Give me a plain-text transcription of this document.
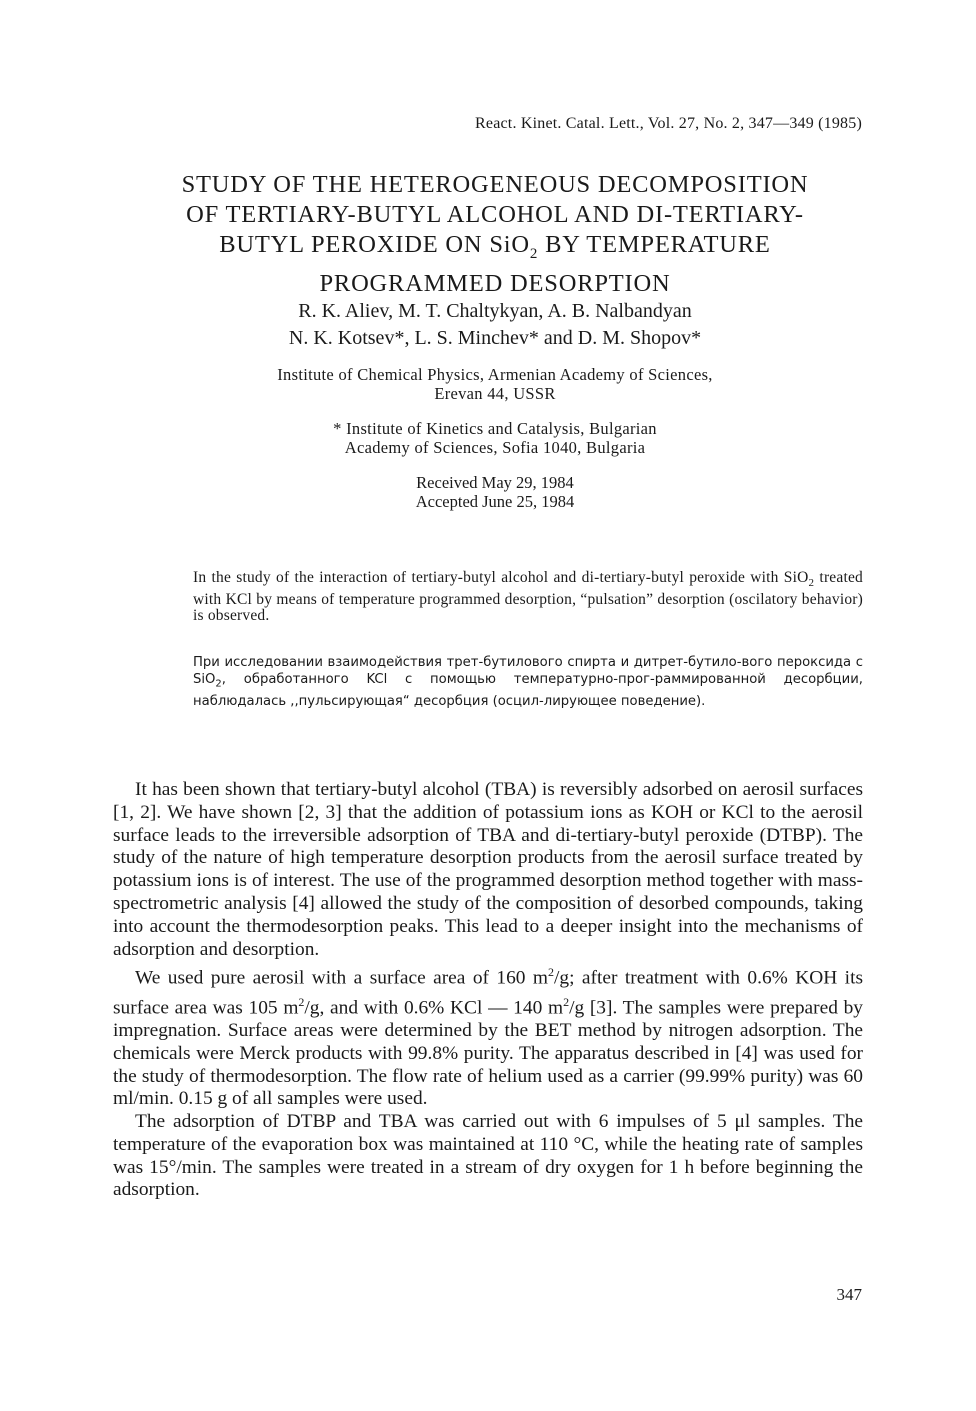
React. Kinet. Catal. Lett., Vol. 27, No. 2, 347—349 (1985)
STUDY OF THE HETEROGENEOUS DECOMPOSITION
OF TERTIARY-BUTYL ALCOHOL AND DI-TERTIARY-
BUTYL PEROXIDE ON SiO$_2$ BY TEMPERATURE
PROGRAMMED DESORPTION
R. K. Aliev, M. T. Chaltykyan, A. B. Nalbandyan
N. K. Kotsev*, L. S. Minchev* and D. M. Shopov*
Institute of Chemical Physics, Armenian Academy of Sciences,
Erevan 44, USSR
* Institute of Kinetics and Catalysis, Bulgarian
Academy of Sciences, Sofia 1040, Bulgaria
Received May 29, 1984
Accepted June 25, 1984
In the study of the interaction of tertiary-butyl alcohol and di-tertiary-butyl peroxide with SiO$_2$ treated with KCl by means of temperature programmed desorption, “pulsation” desorption (oscilatory behavior) is observed.
При исследовании взаимодействия трет-бутилового спирта и дитрет-бутило-вого пероксида с SiO$_2$, обработанного KCl с помощью температурно-прог-раммированной десорбции, наблюдалась ,,пульсирующая“ десорбция (осцил-лирующее поведение).

It has been shown that tertiary-butyl alcohol (TBA) is reversibly adsorbed on aerosil surfaces [1, 2]. We have shown [2, 3] that the addition of potassium ions as KOH or KCl to the aerosil surface leads to the irreversible adsorption of TBA and di-tertiary-butyl peroxide (DTBP). The study of the nature of high temperature desorption products from the aerosil surface treated by potassium ions is of interest. The use of the programmed desorption method together with mass-spectrometric analysis [4] allowed the study of the composition of desorbed compounds, taking into account the thermodesorption peaks. This lead to a deeper insight into the mechanisms of adsorption and desorption.

We used pure aerosil with a surface area of 160 $m^2/g$; after treatment with 0.6% KOH its surface area was 105 $m^2/g$, and with 0.6% KCl — 140 $m^2/g$ [3]. The samples were prepared by impregnation. Surface areas were determined by the BET method by nitrogen adsorption. The chemicals were Merck products with 99.8% purity. The apparatus described in [4] was used for the study of thermodesorption. The flow rate of helium used as a carrier (99.99% purity) was 60 ml/min. 0.15 g of all samples were used.

The adsorption of DTBP and TBA was carried out with 6 impulses of 5 μl samples. The temperature of the evaporation box was maintained at 110 °C, while the heating rate of samples was 15°/min. The samples were treated in a stream of dry oxygen for 1 h before beginning the adsorption.

347
